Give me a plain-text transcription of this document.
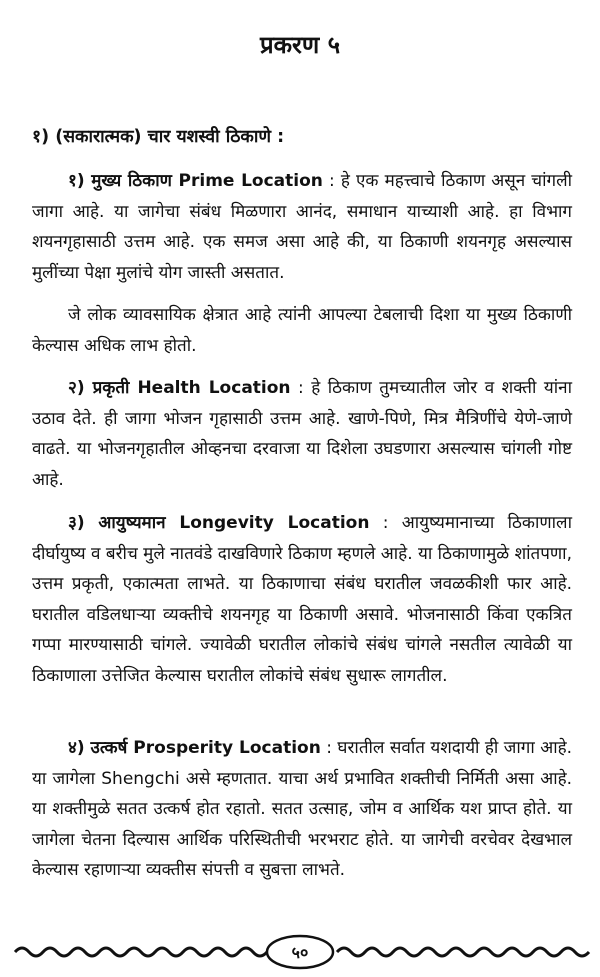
प्रकरण ५
१) (सकारात्मक) चार यशस्वी ठिकाणे :

१) मुख्य ठिकाण Prime Location : हे एक महत्त्वाचे ठिकाण असून चांगली जागा आहे. या जागेचा संबंध मिळणारा आनंद, समाधान याच्याशी आहे. हा विभाग शयनगृहासाठी उत्तम आहे. एक समज असा आहे की, या ठिकाणी शयनगृह असल्यास मुलींच्या पेक्षा मुलांचे योग जास्ती असतात.

जे लोक व्यावसायिक क्षेत्रात आहे त्यांनी आपल्या टेबलाची दिशा या मुख्य ठिकाणी केल्यास अधिक लाभ होतो.

२) प्रकृती Health Location : हे ठिकाण तुमच्यातील जोर व शक्ती यांना उठाव देते. ही जागा भोजन गृहासाठी उत्तम आहे. खाणे-पिणे, मित्र मैत्रिणींचे येणे-जाणे वाढते. या भोजनगृहातील ओव्हनचा दरवाजा या दिशेला उघडणारा असल्यास चांगली गोष्ट आहे.

३) आयुष्यमान Longevity Location : आयुष्यमानाच्या ठिकाणाला दीर्घायुष्य व बरीच मुले नातवंडे दाखविणारे ठिकाण म्हणले आहे. या ठिकाणामुळे शांतपणा, उत्तम प्रकृती, एकात्मता लाभते. या ठिकाणाचा संबंध घरातील जवळकीशी फार आहे. घरातील वडिलधाऱ्या व्यक्तीचे शयनगृह या ठिकाणी असावे. भोजनासाठी किंवा एकत्रित गप्पा मारण्यासाठी चांगले. ज्यावेळी घरातील लोकांचे संबंध चांगले नसतील त्यावेळी या ठिकाणाला उत्तेजित केल्यास घरातील लोकांचे संबंध सुधारू लागतील.

४) उत्कर्ष Prosperity Location : घरातील सर्वात यशदायी ही जागा आहे. या जागेला Shengchi असे म्हणतात. याचा अर्थ प्रभावित शक्तीची निर्मिती असा आहे. या शक्तीमुळे सतत उत्कर्ष होत रहातो. सतत उत्साह, जोम व आर्थिक यश प्राप्त होते. या जागेला चेतना दिल्यास आर्थिक परिस्थितीची भरभराट होते. या जागेची वरचेवर देखभाल केल्यास रहाणाऱ्या व्यक्तीस संपत्ती व सुबत्ता लाभते.

५०
